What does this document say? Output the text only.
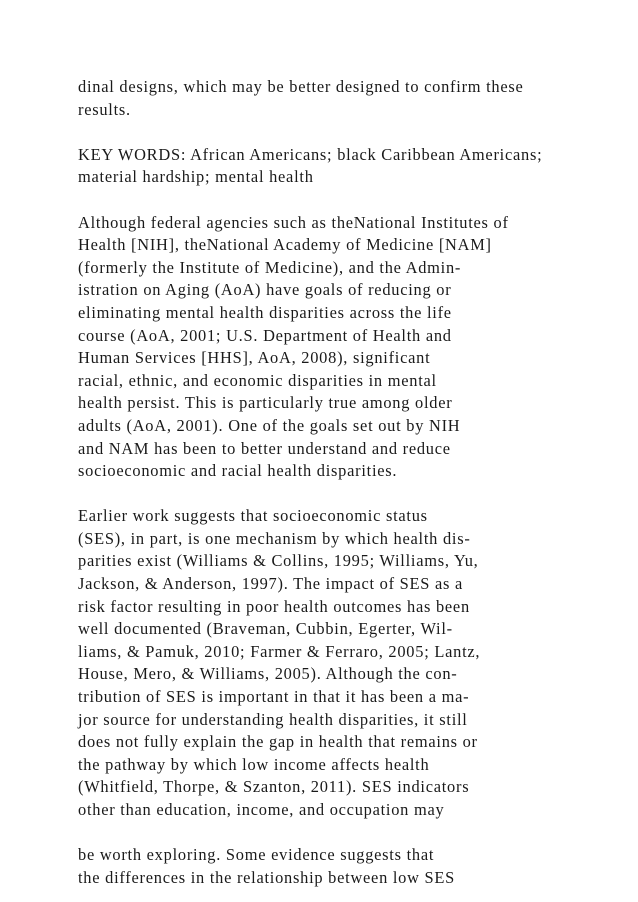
dinal designs, which may be better designed to confirm these
results.
KEY WORDS: African Americans; black Caribbean Americans;
material hardship; mental health
Although federal agencies such as theNational Institutes of
Health [NIH], theNational Academy of Medicine [NAM]
(formerly the Institute of Medicine), and the Admin-
istration on Aging (AoA) have goals of reducing or
eliminating mental health disparities across the life
course (AoA, 2001; U.S. Department of Health and
Human Services [HHS], AoA, 2008), significant
racial, ethnic, and economic disparities in mental
health persist. This is particularly true among older
adults (AoA, 2001). One of the goals set out by NIH
and NAM has been to better understand and reduce
socioeconomic and racial health disparities.
Earlier work suggests that socioeconomic status
(SES), in part, is one mechanism by which health dis-
parities exist (Williams & Collins, 1995; Williams, Yu,
Jackson, & Anderson, 1997). The impact of SES as a
risk factor resulting in poor health outcomes has been
well documented (Braveman, Cubbin, Egerter, Wil-
liams, & Pamuk, 2010; Farmer & Ferraro, 2005; Lantz,
House, Mero, & Williams, 2005). Although the con-
tribution of SES is important in that it has been a ma-
jor source for understanding health disparities, it still
does not fully explain the gap in health that remains or
the pathway by which low income affects health
(Whitfield, Thorpe, & Szanton, 2011). SES indicators
other than education, income, and occupation may
be worth exploring. Some evidence suggests that
the differences in the relationship between low SES
